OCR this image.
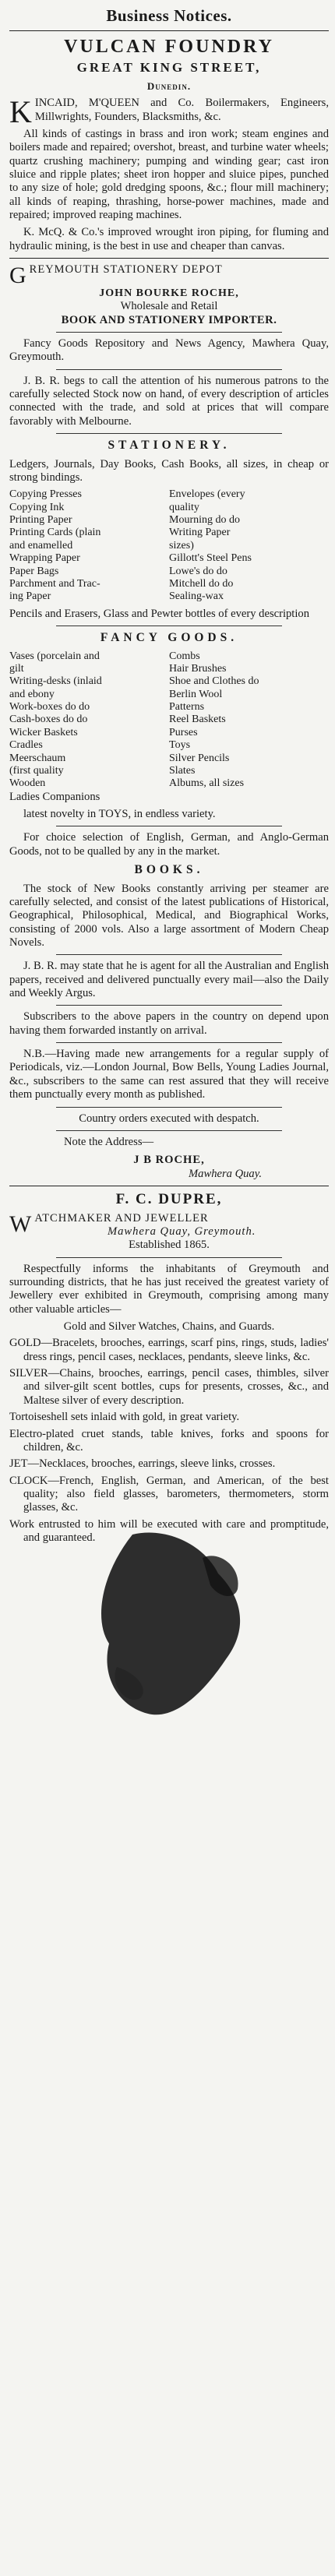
Business Notices.
VULCAN FOUNDRY
GREAT KING STREET,
Dunedin.

K INCAID, M'QUEEN and Co. Boilermakers, Engineers, Millwrights, Founders, Blacksmiths, &c.

All kinds of castings in brass and iron work; steam engines and boilers made and repaired; overshot, breast, and turbine water wheels; quartz crushing machinery; pumping and winding gear; cast iron sluice and ripple plates; sheet iron hopper and sluice pipes, punched to any size of hole; gold dredging spoons, &c.; flour mill machinery; all kinds of reaping, thrashing, horse-power machines, made and repaired; improved reaping machines.

K. McQ. & Co.'s improved wrought iron piping, for fluming and hydraulic mining, is the best in use and cheaper than canvas.

G REYMOUTH STATIONERY DEPOT
JOHN BOURKE ROCHE,
Wholesale and Retail
BOOK AND STATIONERY IMPORTER.

Fancy Goods Repository and News Agency, Mawhera Quay, Greymouth.

J. B. R. begs to call the attention of his numerous patrons to the carefully selected Stock now on hand, of every description of articles connected with the trade, and sold at prices that will compare favorably with Melbourne.

STATIONERY.

Ledgers, Journals, Day Books, Cash Books, all sizes, in cheap or strong bindings.

Copying Presses	Envelopes (every
Copying Ink	quality
Printing Paper	Mourning do do
Printing Cards (plain	Writing Paper
and enamelled	sizes)
Wrapping Paper	Gillott's Steel Pens
Paper Bags	Lowe's do do
Parchment and Trac-	Mitchell do do
ing Paper	Sealing-wax

Pencils and Erasers, Glass and Pewter bottles of every description

FANCY GOODS.
Vases (porcelain and	Combs
gilt	Hair Brushes
Writing-desks (inlaid	Shoe and Clothes do
and ebony	Berlin Wool
Work-boxes do do	Patterns
Cash-boxes do do	Reel Baskets
Wicker Baskets	Purses
Cradles	Toys
Meerschaum	Silver Pencils
(first quality	Slates
Wooden	Albums, all sizes
Ladies Companions

latest novelty in TOYS, in endless variety.

For choice selection of English, German, and Anglo-German Goods, not to be qualled by any in the market.

BOOKS.

The stock of New Books constantly arriving per steamer are carefully selected, and consist of the latest publications of Historical, Geographical, Philosophical, Medical, and Biographical Works, consisting of 2000 vols. Also a large assortment of Modern Cheap Novels.

J. B. R. may state that he is agent for all the Australian and English papers, received and delivered punctually every mail—also the Daily and Weekly Argus.

Subscribers to the above papers in the country on depend upon having them forwarded instantly on arrival.

N.B.—Having made new arrangements for a regular supply of Periodicals, viz.—London Journal, Bow Bells, Young Ladies Journal, &c., subscribers to the same can rest assured that they will receive them punctually every month as published.

Country orders executed with despatch.
Note the Address—
J B ROCHE,
Mawhera Quay.
F. C. DUPRE,
W ATCHMAKER AND JEWELLER
Mawhera Quay, Greymouth.
Established 1865.

Respectfully informs the inhabitants of Greymouth and surrounding districts, that he has just received the greatest variety of Jewellery ever exhibited in Greymouth, comprising among many other valuable articles—

Gold and Silver Watches, Chains, and Guards.
GOLD—Bracelets, brooches, earrings, scarf pins, rings, studs, ladies' dress rings, pencil cases, necklaces, pendants, sleeve links, &c.
SILVER—Chains, brooches, earrings, pencil cases, thimbles, silver and silver-gilt scent bottles, cups for presents, crosses, &c., and Maltese silver of every description.
Tortoiseshell sets inlaid with gold, in great variety.
Electro-plated cruet stands, table knives, forks and spoons for children, &c.
JET—Necklaces, brooches, earrings, sleeve links, crosses.
CLOCK—French, English, German, and American, of the best quality; also field glasses, barometers, thermometers, storm glasses, &c.
Work entrusted to him will be executed with care and promptitude, and guaranteed.
